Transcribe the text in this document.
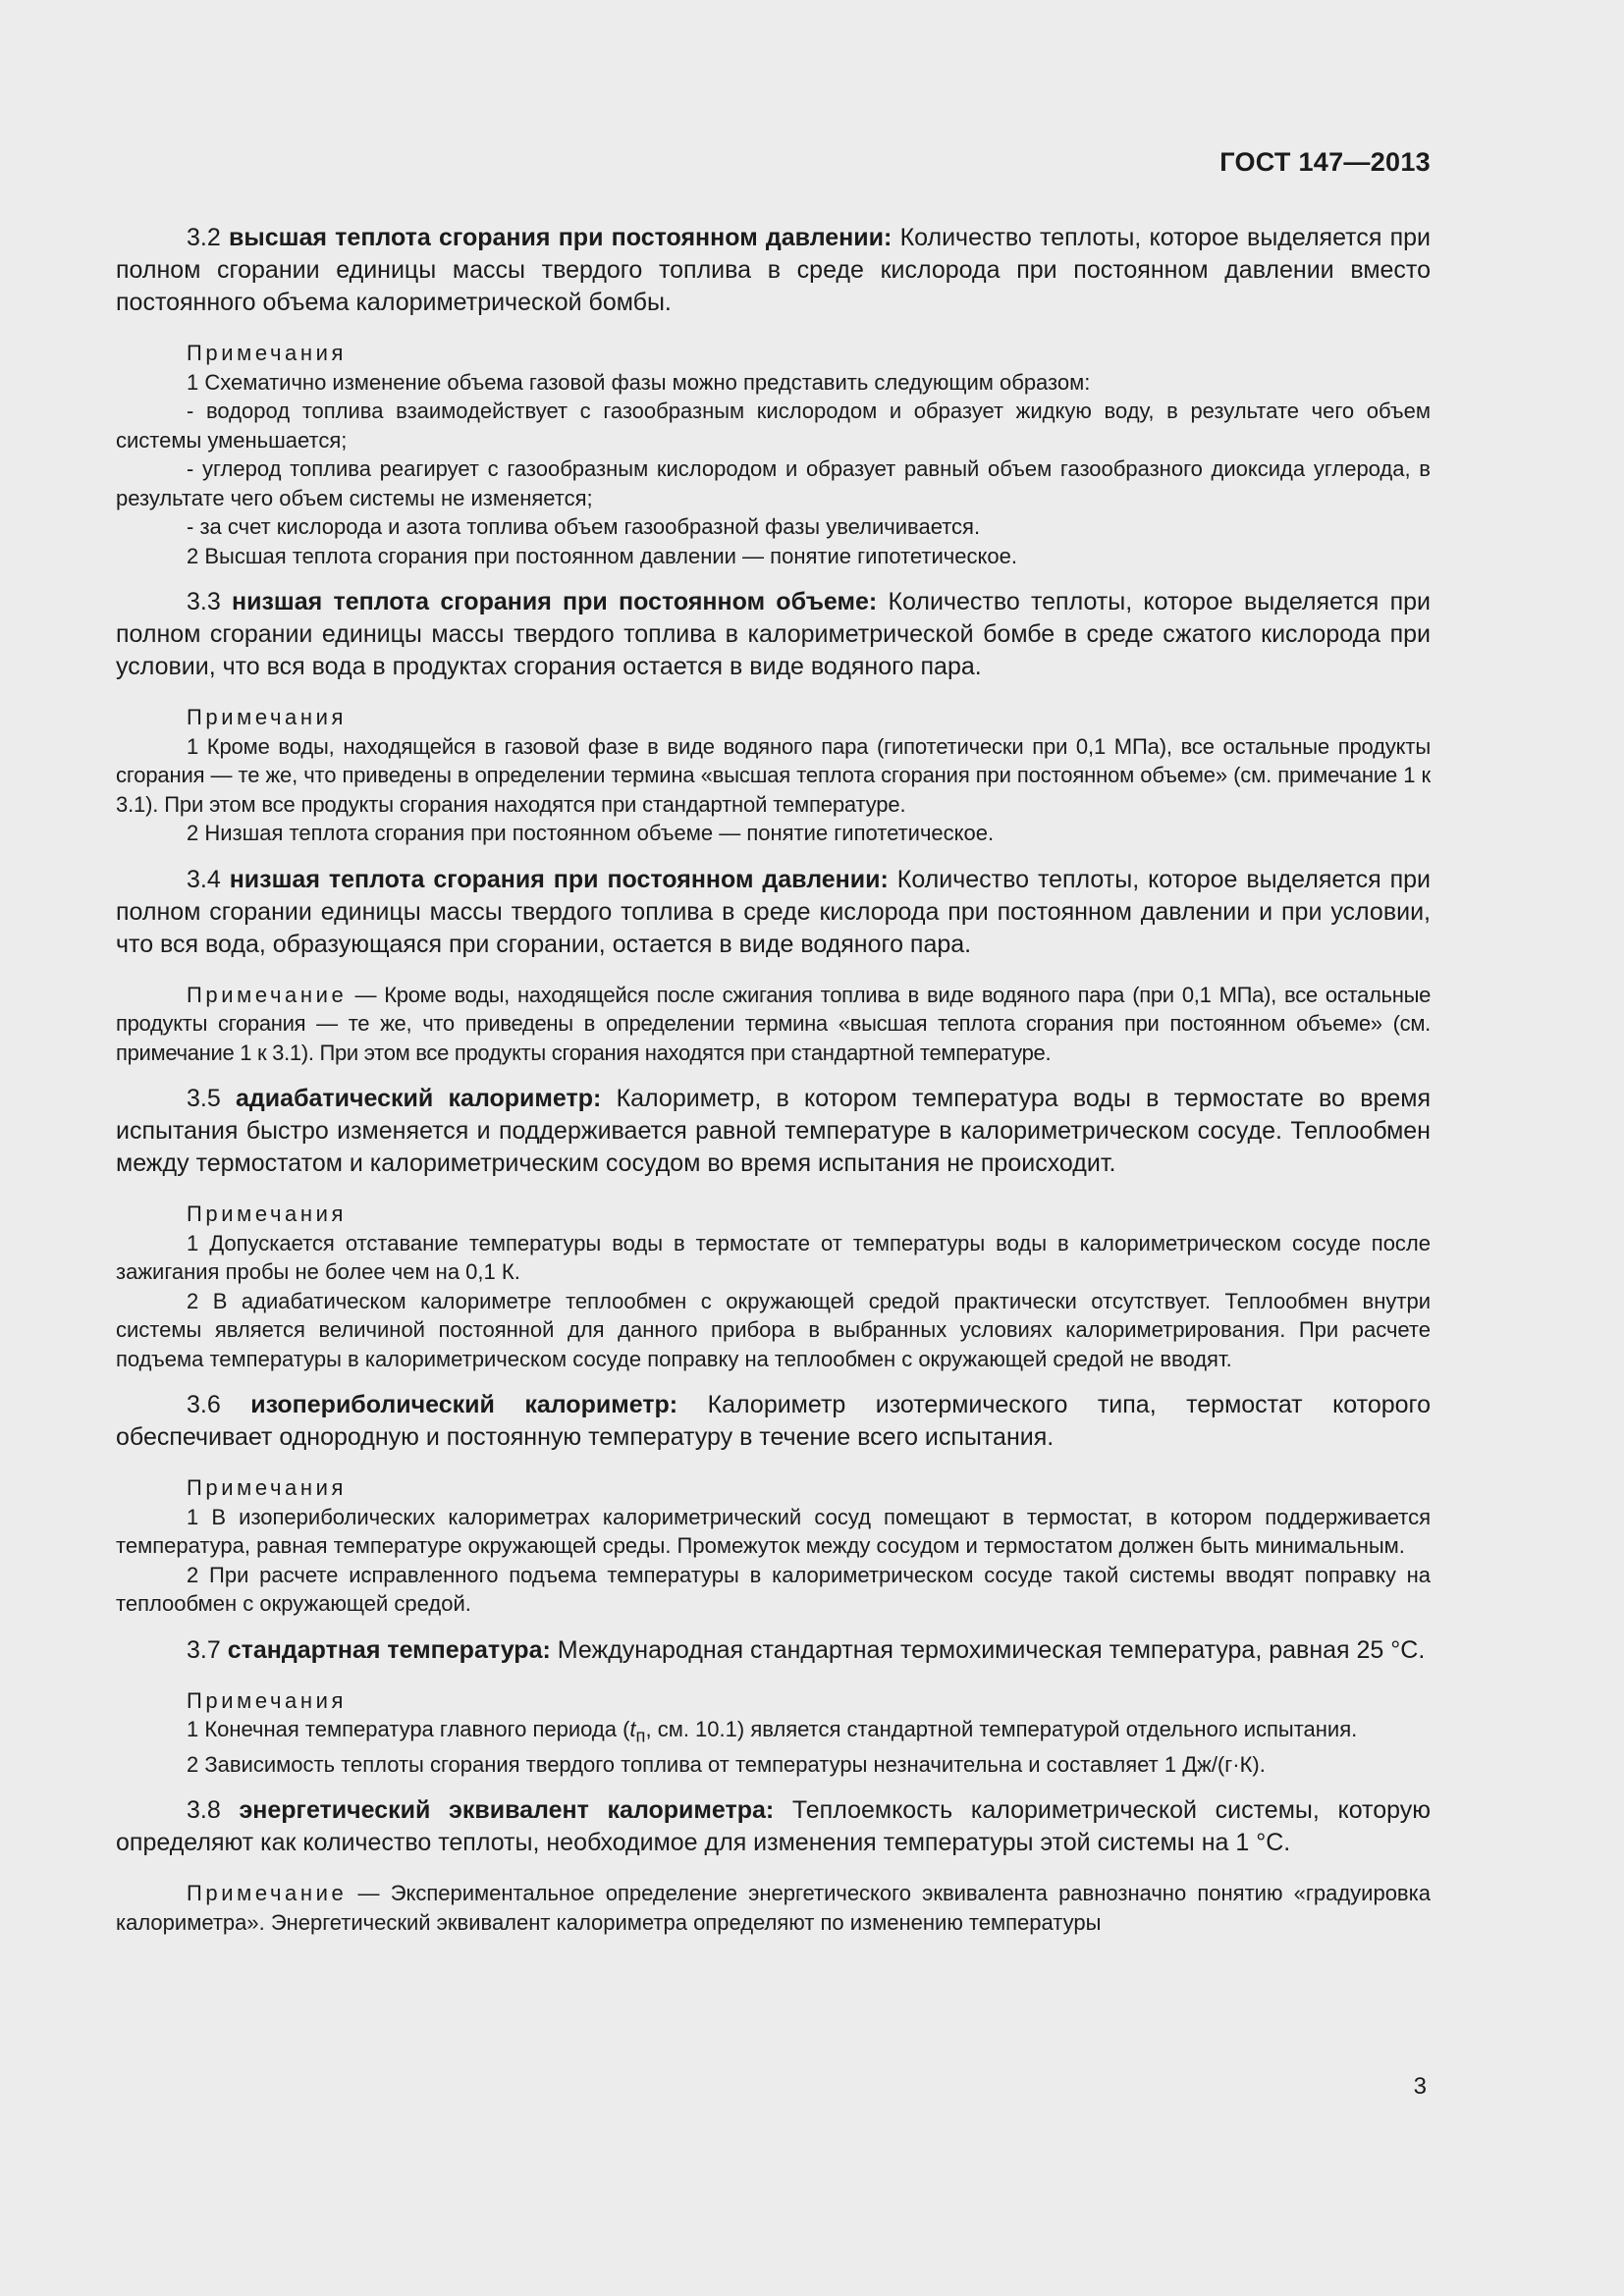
ГОСТ 147—2013

3.2 высшая теплота сгорания при постоянном давлении: Количество теплоты, которое выделяется при полном сгорании единицы массы твердого топлива в среде кислорода при постоянном давлении вместо постоянного объема калориметрической бомбы.

Примечания
1 Схематично изменение объема газовой фазы можно представить следующим образом:
- водород топлива взаимодействует с газообразным кислородом и образует жидкую воду, в результате чего объем системы уменьшается;
- углерод топлива реагирует с газообразным кислородом и образует равный объем газообразного диоксида углерода, в результате чего объем системы не изменяется;
- за счет кислорода и азота топлива объем газообразной фазы увеличивается.
2 Высшая теплота сгорания при постоянном давлении — понятие гипотетическое.

3.3 низшая теплота сгорания при постоянном объеме: Количество теплоты, которое выделяется при полном сгорании единицы массы твердого топлива в калориметрической бомбе в среде сжатого кислорода при условии, что вся вода в продуктах сгорания остается в виде водяного пара.

Примечания
1 Кроме воды, находящейся в газовой фазе в виде водяного пара (гипотетически при 0,1 МПа), все остальные продукты сгорания — те же, что приведены в определении термина «высшая теплота сгорания при постоянном объеме» (см. примечание 1 к 3.1). При этом все продукты сгорания находятся при стандартной температуре.
2 Низшая теплота сгорания при постоянном объеме — понятие гипотетическое.

3.4 низшая теплота сгорания при постоянном давлении: Количество теплоты, которое выделяется при полном сгорании единицы массы твердого топлива в среде кислорода при постоянном давлении и при условии, что вся вода, образующаяся при сгорании, остается в виде водяного пара.

Примечание — Кроме воды, находящейся после сжигания топлива в виде водяного пара (при 0,1 МПа), все остальные продукты сгорания — те же, что приведены в определении термина «высшая теплота сгорания при постоянном объеме» (см. примечание 1 к 3.1). При этом все продукты сгорания находятся при стандартной температуре.

3.5 адиабатический калориметр: Калориметр, в котором температура воды в термостате во время испытания быстро изменяется и поддерживается равной температуре в калориметрическом сосуде. Теплообмен между термостатом и калориметрическим сосудом во время испытания не происходит.

Примечания
1 Допускается отставание температуры воды в термостате от температуры воды в калориметрическом сосуде после зажигания пробы не более чем на 0,1 К.
2 В адиабатическом калориметре теплообмен с окружающей средой практически отсутствует. Теплообмен внутри системы является величиной постоянной для данного прибора в выбранных условиях калориметрирования. При расчете подъема температуры в калориметрическом сосуде поправку на теплообмен с окружающей средой не вводят.

3.6 изопериболический калориметр: Калориметр изотермического типа, термостат которого обеспечивает однородную и постоянную температуру в течение всего испытания.

Примечания
1 В изопериболических калориметрах калориметрический сосуд помещают в термостат, в котором поддерживается температура, равная температуре окружающей среды. Промежуток между сосудом и термостатом должен быть минимальным.
2 При расчете исправленного подъема температуры в калориметрическом сосуде такой системы вводят поправку на теплообмен с окружающей средой.

3.7 стандартная температура: Международная стандартная термохимическая температура, равная 25 °С.

Примечания
1 Конечная температура главного периода ($t_п$, см. 10.1) является стандартной температурой отдельного испытания.
2 Зависимость теплоты сгорания твердого топлива от температуры незначительна и составляет 1 Дж/(г·К).

3.8 энергетический эквивалент калориметра: Теплоемкость калориметрической системы, которую определяют как количество теплоты, необходимое для изменения температуры этой системы на 1 °С.

Примечание — Экспериментальное определение энергетического эквивалента равнозначно понятию «градуировка калориметра». Энергетический эквивалент калориметра определяют по изменению температуры
3
